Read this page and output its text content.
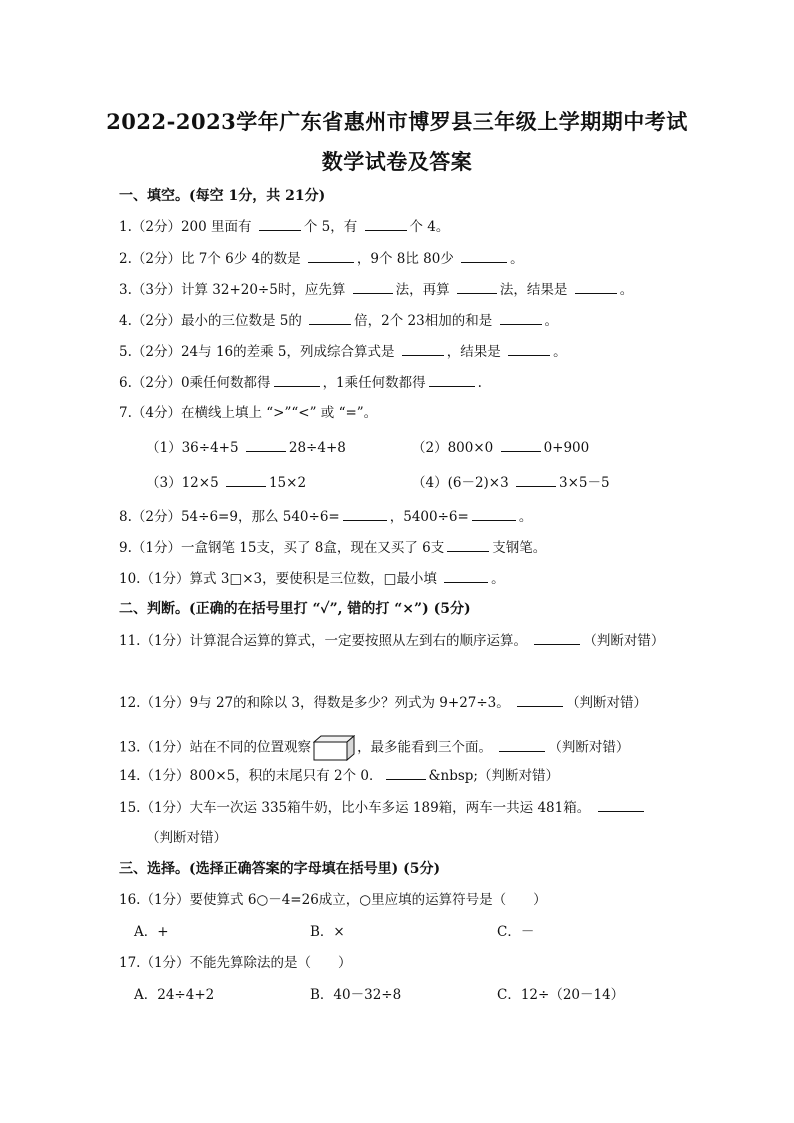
2022-2023学年广东省惠州市博罗县三年级上学期期中考试
数学试卷及答案
一、填空。(每空 1分，共 21分)
1.（2分）200 里面有	个 5，有	个 4。
2.（2分）比 7个 6少 4的数是	，9个 8比 80少	。
3.（3分）计算 32+20÷5时，应先算	法，再算	法，结果是	。
4.（2分）最小的三位数是 5的	倍，2个 23相加的和是	。
5.（2分）24与 16的差乘 5，列成综合算式是	，结果是	。
6.（2分）0乘任何数都得	，1乘任何数都得	.
7.（4分）在横线上填上 “>”“<” 或 “=”。
（1）36÷4+5	28÷4+8	（2）800×0	0+900
（3）12×5	15×2	（4）(6－2)×3	3×5－5
8.（2分）54÷6=9，那么 540÷6=	，5400÷6=	。
9.（1分）一盒钢笔 15支，买了 8盒，现在又买了 6支	支钢笔。
10.（1分）算式 3□×3，要使积是三位数，□最小填	。
二、判断。(正确的在括号里打 “✓”, 错的打 “×”) (5分)
11.（1分）计算混合运算的算式，一定要按照从左到右的顺序运算。	（判断对错）
12.（1分）9与 27的和除以 3，得数是多少？列式为 9+27÷3。	（判断对错）
13.（1分）站在不同的位置观察	，最多能看到三个面。	（判断对错）
14.（1分）800×5，积的末尾只有 2个 0．	&nbsp;（判断对错）
15.（1分）大车一次运 335箱牛奶，比小车多运 189箱，两车一共运 481箱。
（判断对错）
三、选择。(选择正确答案的字母填在括号里) (5分)
16.（1分）要使算式 6○－4=26成立，○里应填的运算符号是（　　）
A．+	B．×	C．－
17.（1分）不能先算除法的是（　　）
A．24÷4+2	B．40－32÷8	C．12÷（20－14）
